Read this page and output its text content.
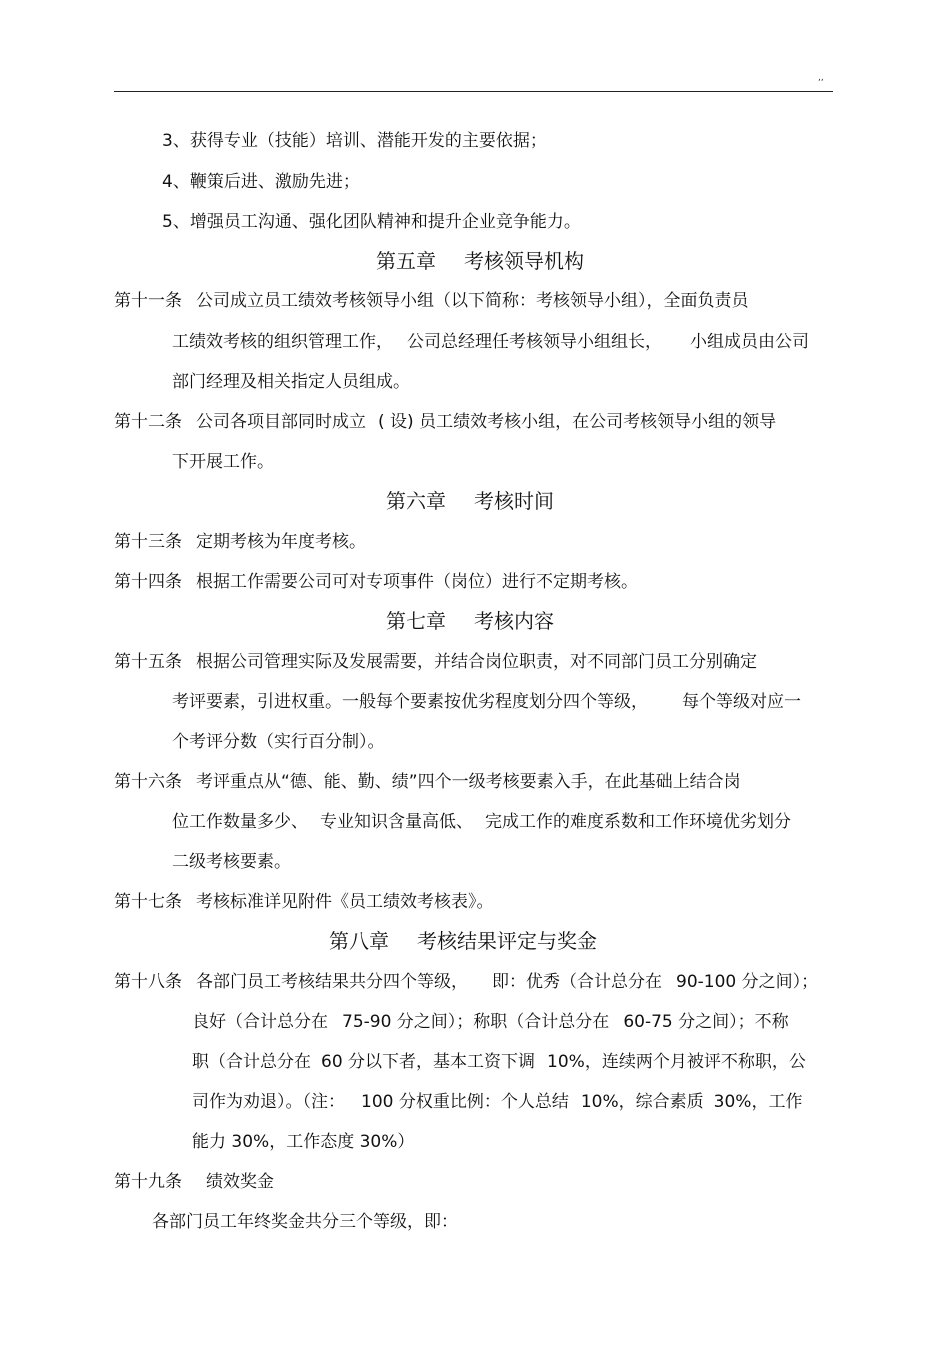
,,
3、获得专业（技能）培训、潜能开发的主要依据；
4、鞭策后进、激励先进；
5、增强员工沟通、强化团队精神和提升企业竞争能力。
第五章 考核领导机构
第十一条 公司成立员工绩效考核领导小组（以下简称：考核领导小组），全面负责员
工绩效考核的组织管理工作， 公司总经理任考核领导小组组长， 小组成员由公司
部门经理及相关指定人员组成。
第十二条 公司各项目部同时成立 ( 设) 员工绩效考核小组，在公司考核领导小组的领导
下开展工作。
第六章 考核时间
第十三条 定期考核为年度考核。
第十四条 根据工作需要公司可对专项事件（岗位）进行不定期考核。
第七章 考核内容
第十五条 根据公司管理实际及发展需要，并结合岗位职责，对不同部门员工分别确定
考评要素，引进权重。一般每个要素按优劣程度划分四个等级， 每个等级对应一
个考评分数（实行百分制）。
第十六条 考评重点从“德、能、勤、绩”四个一级考核要素入手，在此基础上结合岗
位工作数量多少、 专业知识含量高低、 完成工作的难度系数和工作环境优劣划分
二级考核要素。
第十七条 考核标准详见附件《员工绩效考核表》。
第八章 考核结果评定与奖金
第十八条 各部门员工考核结果共分四个等级， 即：优秀（合计总分在 90-100 分之间）；
良好（合计总分在 75-90 分之间）；称职（合计总分在 60-75 分之间）；不称
职（合计总分在 60 分以下者，基本工资下调 10%，连续两个月被评不称职，公
司作为劝退）。（注： 100 分权重比例：个人总结 10%，综合素质 30%，工作
能力 30%，工作态度 30%）
第十九条 绩效奖金
各部门员工年终奖金共分三个等级，即：
